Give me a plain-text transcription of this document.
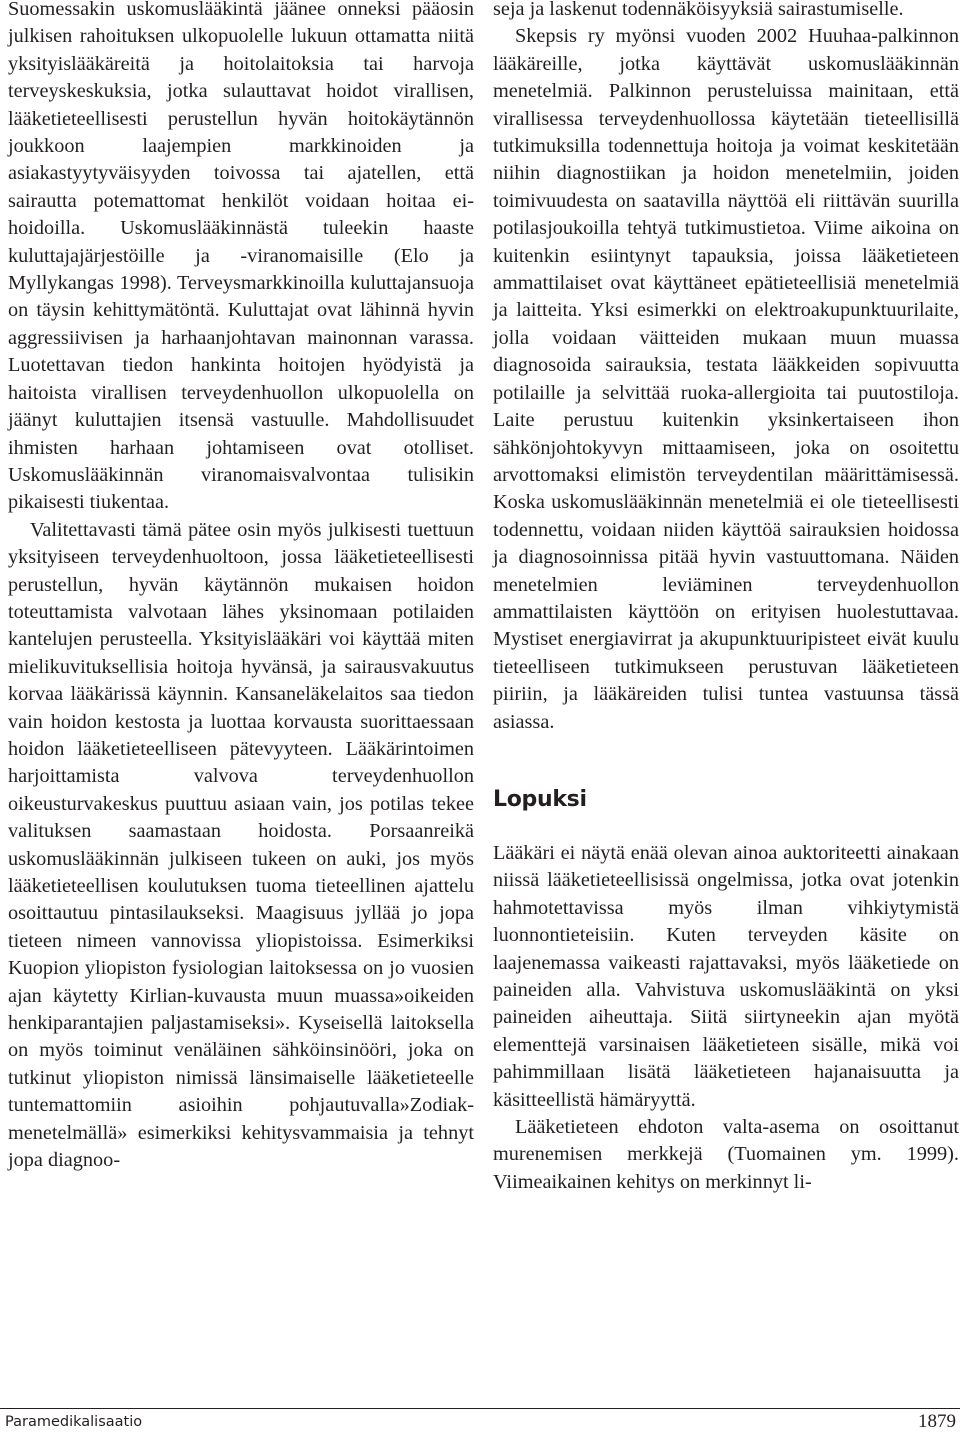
Suomessakin uskomuslääkintä jäänee onneksi pääosin julkisen rahoituksen ulkopuolelle lukuun ottamatta niitä yksityislääkäreitä ja hoitolaitoksia tai harvoja terveyskeskuksia, jotka sulauttavat hoidot virallisen, lääketieteellisesti perustellun hyvän hoitokäytännön joukkoon laajempien markkinoiden ja asiakastyytyväisyyden toivossa tai ajatellen, että sairautta potemattomat henkilöt voidaan hoitaa ei-hoidoilla. Uskomuslääkinnästä tuleekin haaste kuluttajajärjestöille ja -viranomaisille (Elo ja Myllykangas 1998). Terveysmarkkinoilla kuluttajansuoja on täysin kehittymätöntä. Kuluttajat ovat lähinnä hyvin aggressiivisen ja harhaanjohtavan mainonnan varassa. Luotettavan tiedon hankinta hoitojen hyödyistä ja haitoista virallisen terveydenhuollon ulkopuolella on jäänyt kuluttajien itsensä vastuulle. Mahdollisuudet ihmisten harhaan johtamiseen ovat otolliset. Uskomuslääkinnän viranomaisvalvontaa tulisikin pikaisesti tiukentaa.

Valitettavasti tämä pätee osin myös julkisesti tuettuun yksityiseen terveydenhuoltoon, jossa lääketieteellisesti perustellun, hyvän käytännön mukaisen hoidon toteuttamista valvotaan lähes yksinomaan potilaiden kantelujen perusteella. Yksityislääkäri voi käyttää miten mielikuvituksellisia hoitoja hyvänsä, ja sairausvakuutus korvaa lääkärissä käynnin. Kansaneläkelaitos saa tiedon vain hoidon kestosta ja luottaa korvausta suorittaessaan hoidon lääketieteelliseen pätevyyteen. Lääkärintoimen harjoittamista valvova terveydenhuollon oikeusturvakeskus puuttuu asiaan vain, jos potilas tekee valituksen saamastaan hoidosta. Porsaanreikä uskomuslääkinnän julkiseen tukeen on auki, jos myös lääketieteellisen koulutuksen tuoma tieteellinen ajattelu osoittautuu pintasilaukseksi. Maagisuus jyllää jo jopa tieteen nimeen vannovissa yliopistoissa. Esimerkiksi Kuopion yliopiston fysiologian laitoksessa on jo vuosien ajan käytetty Kirlian-kuvausta muun muassa»oikeiden henkiparantajien paljastamiseksi». Kyseisellä laitoksella on myös toiminut venäläinen sähköinsinööri, joka on tutkinut yliopiston nimissä länsimaiselle lääketieteelle tuntemattomiin asioihin pohjautuvalla»Zodiak-menetelmällä» esimerkiksi kehitysvammaisia ja tehnyt jopa diagnoo-

seja ja laskenut todennäköisyyksiä sairastumiselle.

Skepsis ry myönsi vuoden 2002 Huuhaa-palkinnon lääkäreille, jotka käyttävät uskomuslääkinnän menetelmiä. Palkinnon perusteluissa mainitaan, että virallisessa terveydenhuollossa käytetään tieteellisillä tutkimuksilla todennettuja hoitoja ja voimat keskitetään niihin diagnostiikan ja hoidon menetelmiin, joiden toimivuudesta on saatavilla näyttöä eli riittävän suurilla potilasjoukoilla tehtyä tutkimustietoa. Viime aikoina on kuitenkin esiintynyt tapauksia, joissa lääketieteen ammattilaiset ovat käyttäneet epätieteellisiä menetelmiä ja laitteita. Yksi esimerkki on elektroakupunktuurilaite, jolla voidaan väitteiden mukaan muun muassa diagnosoida sairauksia, testata lääkkeiden sopivuutta potilaille ja selvittää ruoka-allergioita tai puutostiloja. Laite perustuu kuitenkin yksinkertaiseen ihon sähkönjohtokyvyn mittaamiseen, joka on osoitettu arvottomaksi elimistön terveydentilan määrittämisessä. Koska uskomuslääkinnän menetelmiä ei ole tieteellisesti todennettu, voidaan niiden käyttöä sairauksien hoidossa ja diagnosoinnissa pitää hyvin vastuuttomana. Näiden menetelmien leviäminen terveydenhuollon ammattilaisten käyttöön on erityisen huolestuttavaa. Mystiset energiavirrat ja akupunktuuripisteet eivät kuulu tieteelliseen tutkimukseen perustuvan lääketieteen piiriin, ja lääkäreiden tulisi tuntea vastuunsa tässä asiassa.

Lopuksi

Lääkäri ei näytä enää olevan ainoa auktoriteetti ainakaan niissä lääketieteellisissä ongelmissa, jotka ovat jotenkin hahmotettavissa myös ilman vihkiytymistä luonnontieteisiin. Kuten terveyden käsite on laajenemassa vaikeasti rajattavaksi, myös lääketiede on paineiden alla. Vahvistuva uskomuslääkintä on yksi paineiden aiheuttaja. Siitä siirtyneekin ajan myötä elementtejä varsinaisen lääketieteen sisälle, mikä voi pahimmillaan lisätä lääketieteen hajanaisuutta ja käsitteellistä hämäryyttä.

Lääketieteen ehdoton valta-asema on osoittanut murenemisen merkkejä (Tuomainen ym. 1999). Viimeaikainen kehitys on merkinnyt li-

Paramedikalisaatio	1879
